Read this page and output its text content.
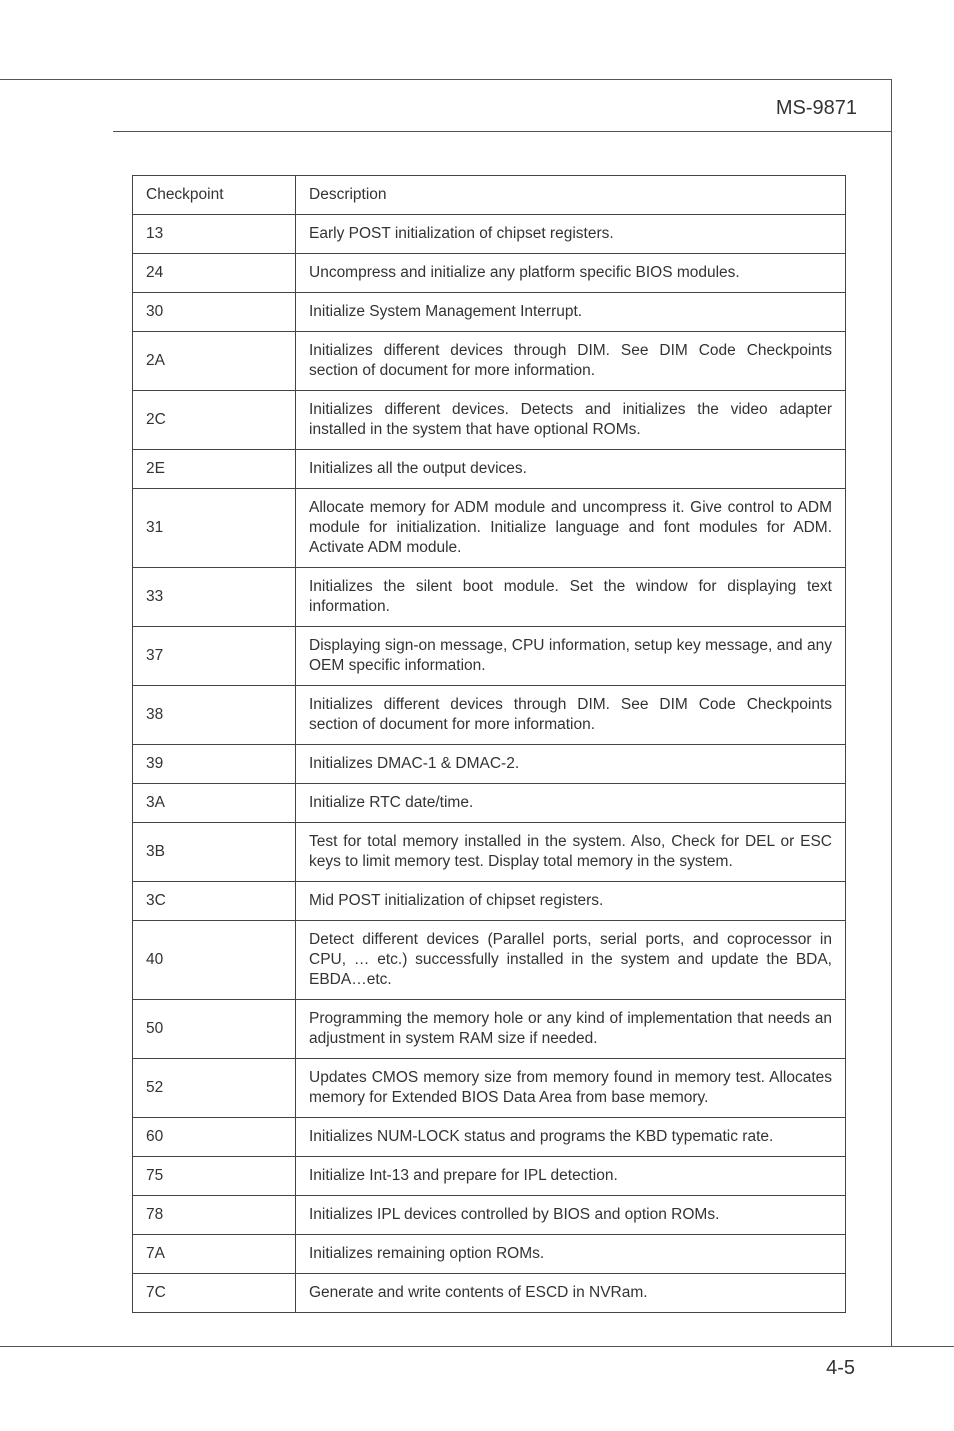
MS-9871
Checkpoint	Description
13	Early POST initialization of chipset registers.
24	Uncompress and initialize any platform specific BIOS modules.
30	Initialize System Management Interrupt.
2A	Initializes different devices through DIM. See DIM Code Checkpoints section of document for more information.
2C	Initializes different devices. Detects and initializes the video adapter installed in the system that have optional ROMs.
2E	Initializes all the output devices.
31	Allocate memory for ADM module and uncompress it. Give control to ADM module for initialization. Initialize language and font modules for ADM. Activate ADM module.
33	Initializes the silent boot module. Set the window for displaying text information.
37	Displaying sign-on message, CPU information, setup key message, and any OEM specific information.
38	Initializes different devices through DIM. See DIM Code Checkpoints section of document for more information.
39	Initializes DMAC-1 & DMAC-2.
3A	Initialize RTC date/time.
3B	Test for total memory installed in the system. Also, Check for DEL or ESC keys to limit memory test. Display total memory in the system.
3C	Mid POST initialization of chipset registers.
40	Detect different devices (Parallel ports, serial ports, and coprocessor in CPU, … etc.) successfully installed in the system and update the BDA, EBDA…etc.
50	Programming the memory hole or any kind of implementation that needs an adjustment in system RAM size if needed.
52	Updates CMOS memory size from memory found in memory test. Allocates memory for Extended BIOS Data Area from base memory.
60	Initializes NUM-LOCK status and programs the KBD typematic rate.
75	Initialize Int-13 and prepare for IPL detection.
78	Initializes IPL devices controlled by BIOS and option ROMs.
7A	Initializes remaining option ROMs.
7C	Generate and write contents of ESCD in NVRam.
4-5
